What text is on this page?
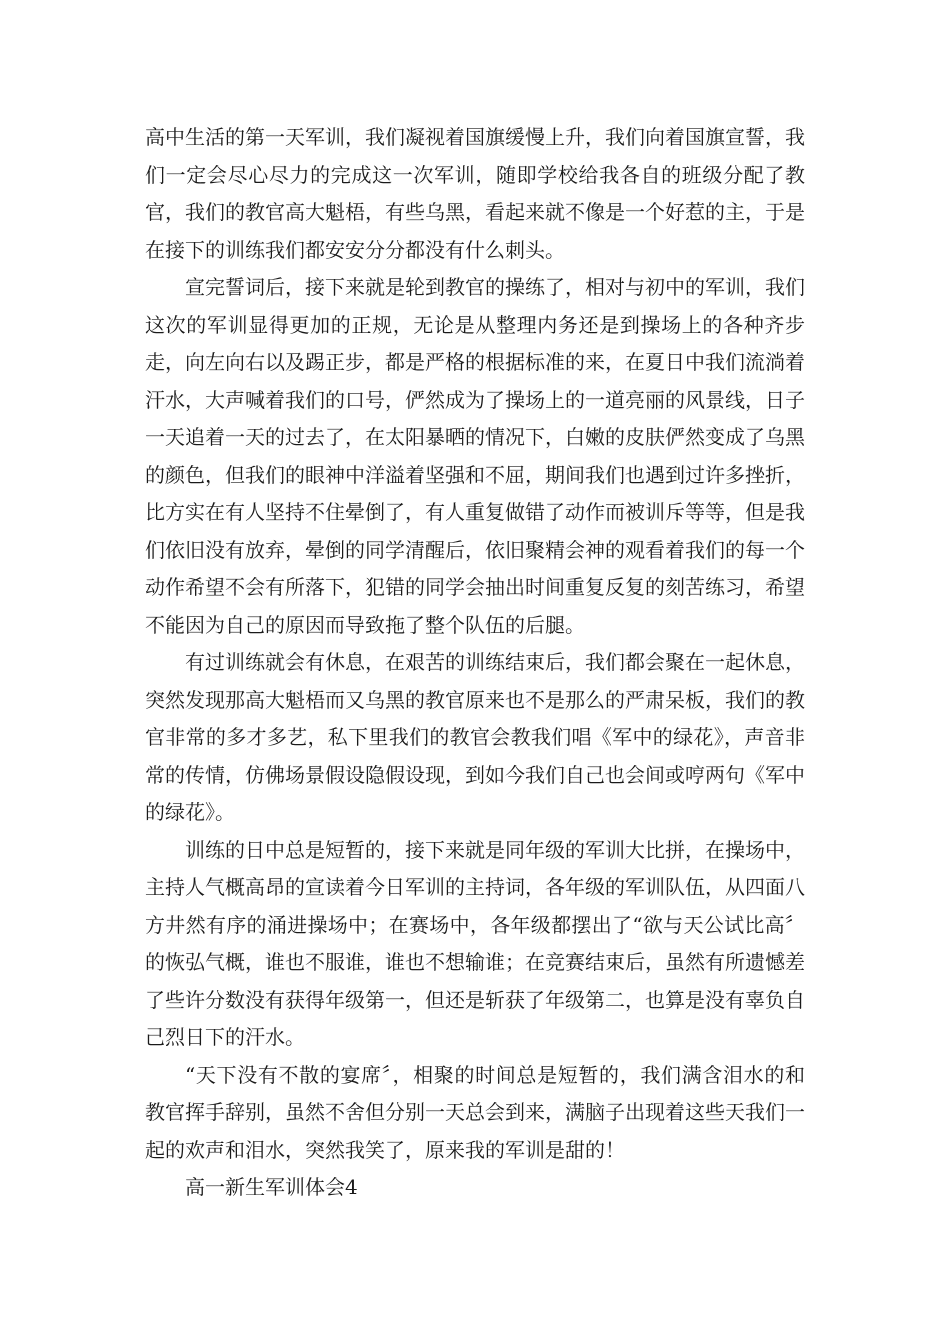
高中生活的第一天军训，我们凝视着国旗缓慢上升，我们向着国旗宣誓，我们一定会尽心尽力的完成这一次军训，随即学校给我各自的班级分配了教官，我们的教官高大魁梧，有些乌黑，看起来就不像是一个好惹的主，于是在接下的训练我们都安安分分都没有什么刺头。

宣完誓词后，接下来就是轮到教官的操练了，相对与初中的军训，我们这次的军训显得更加的正规，无论是从整理内务还是到操场上的各种齐步走，向左向右以及踢正步，都是严格的根据标准的来，在夏日中我们流淌着汗水，大声喊着我们的口号，俨然成为了操场上的一道亮丽的风景线，日子一天追着一天的过去了，在太阳暴晒的情况下，白嫩的皮肤俨然变成了乌黑的颜色，但我们的眼神中洋溢着坚强和不屈，期间我们也遇到过许多挫折，比方实在有人坚持不住晕倒了，有人重复做错了动作而被训斥等等，但是我们依旧没有放弃，晕倒的同学清醒后，依旧聚精会神的观看着我们的每一个动作希望不会有所落下，犯错的同学会抽出时间重复反复的刻苦练习，希望不能因为自己的原因而导致拖了整个队伍的后腿。

有过训练就会有休息，在艰苦的训练结束后，我们都会聚在一起休息，突然发现那高大魁梧而又乌黑的教官原来也不是那么的严肃呆板，我们的教官非常的多才多艺，私下里我们的教官会教我们唱《军中的绿花》，声音非常的传情，仿佛场景假设隐假设现，到如今我们自己也会间或哼两句《军中的绿花》。

训练的日中总是短暂的，接下来就是同年级的军训大比拼，在操场中，主持人气概高昂的宣读着今日军训的主持词，各年级的军训队伍，从四面八方井然有序的涌进操场中；在赛场中，各年级都摆出了“欲与天公试比高〞的恢弘气概，谁也不服谁，谁也不想输谁；在竞赛结束后，虽然有所遗憾差了些许分数没有获得年级第一，但还是斩获了年级第二，也算是没有辜负自己烈日下的汗水。

“天下没有不散的宴席〞，相聚的时间总是短暂的，我们满含泪水的和教官挥手辞别，虽然不舍但分别一天总会到来，满脑子出现着这些天我们一起的欢声和泪水，突然我笑了，原来我的军训是甜的！

高一新生军训体会4
